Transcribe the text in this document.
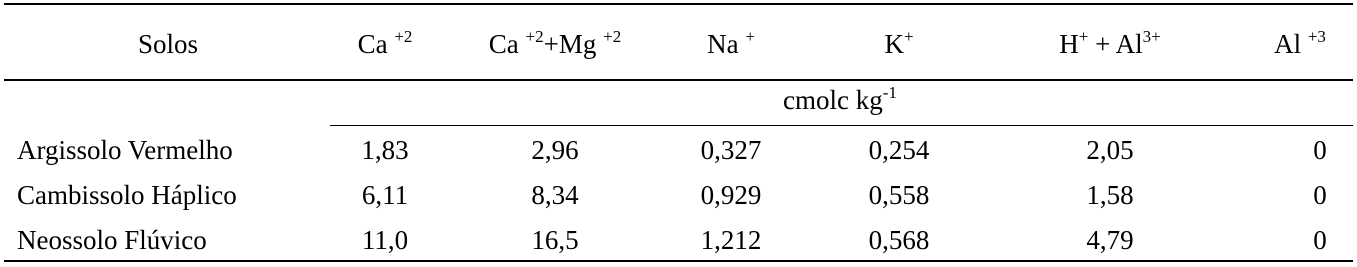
Solos	Ca $^{+2}$	Ca $^{+2}$+Mg $^{+2}$	Na +	K+	$H^+ + Al^{3+}$	Al $^{+3}$
cmolc $kg^{-1}$
Argissolo Vermelho	1,83	2,96	0,327	0,254	2,05	0
Cambissolo Háplico	6,11	8,34	0,929	0,558	1,58	0
Neossolo Flúvico	11,0	16,5	1,212	0,568	4,79	0
